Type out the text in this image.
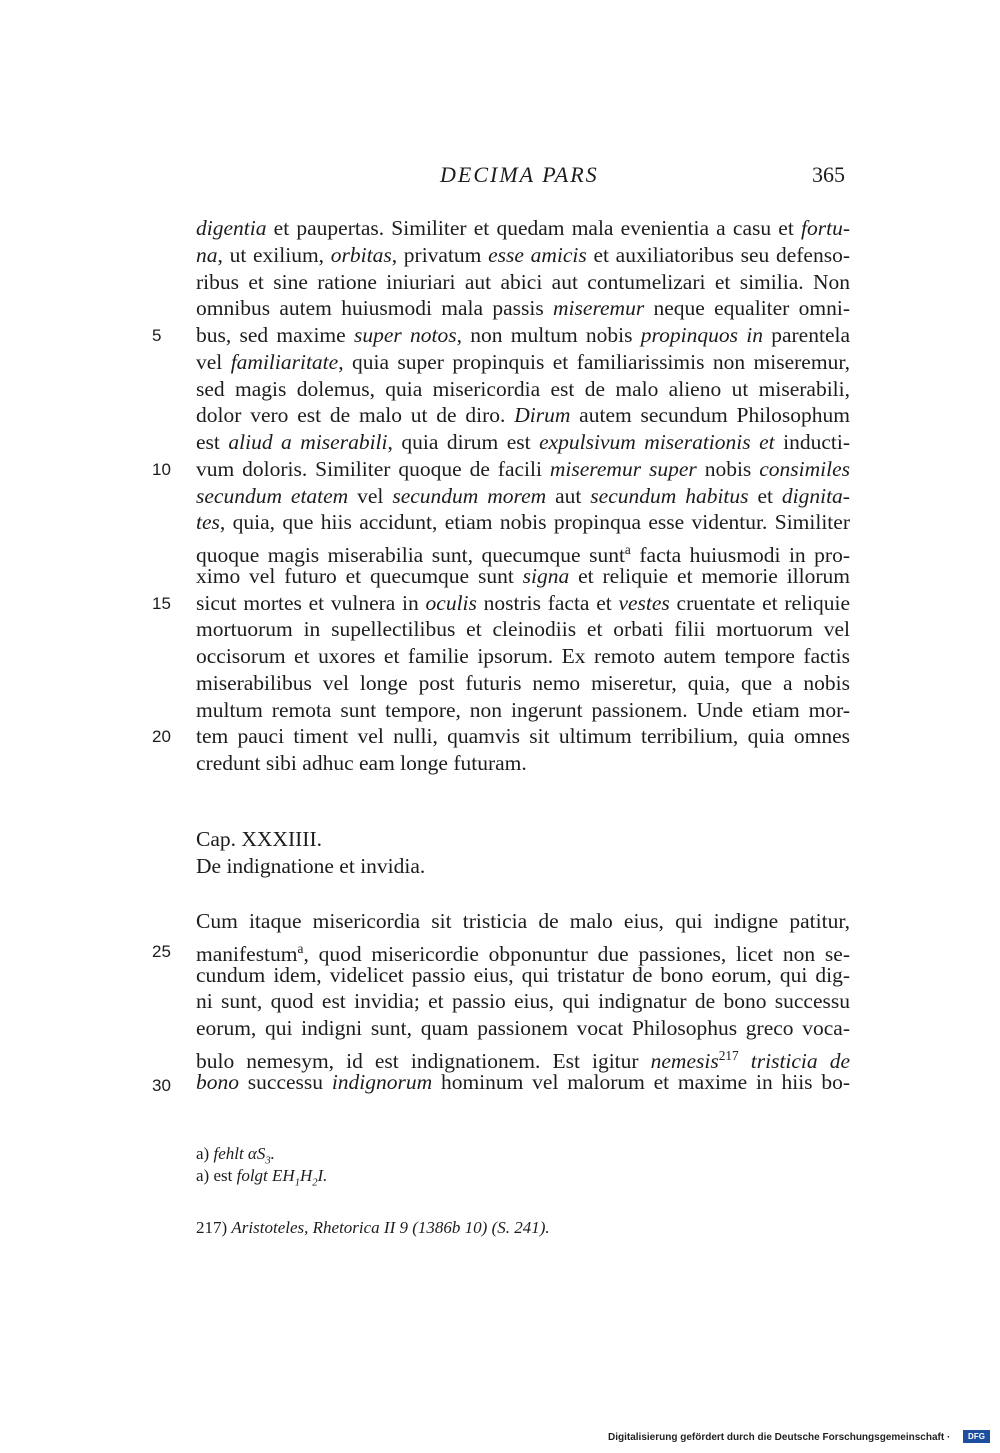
DECIMA PARS	365
5
10
15
20
25
30
Cap. XXXIIII.
De indignatione et invidia.
digentia et paupertas. Similiter et quedam mala evenientia a casu et fortu-
na, ut exilium, orbitas, privatum esse amicis et auxiliatoribus seu defenso-
ribus et sine ratione iniuriari aut abici aut contumelizari et similia. Non
omnibus autem huiusmodi mala passis miseremur neque equaliter omni-
bus, sed maxime super notos, non multum nobis propinquos in parentela
vel familiaritate, quia super propinquis et familiarissimis non miseremur,
sed magis dolemus, quia misericordia est de malo alieno ut miserabili,
dolor vero est de malo ut de diro. Dirum autem secundum Philosophum
est aliud a miserabili, quia dirum est expulsivum miserationis et inducti-
vum doloris. Similiter quoque de facili miseremur super nobis consimiles
secundum etatem vel secundum morem aut secundum habitus et dignita-
tes, quia, que hiis accidunt, etiam nobis propinqua esse videntur. Similiter
quoque magis miserabilia sunt, quecumque sunt$^a$ facta huiusmodi in pro-
ximo vel futuro et quecumque sunt signa et reliquie et memorie illorum
sicut mortes et vulnera in oculis nostris facta et vestes cruentate et reliquie
mortuorum in supellectilibus et cleinodiis et orbati filii mortuorum vel
occisorum et uxores et familie ipsorum. Ex remoto autem tempore factis
miserabilibus vel longe post futuris nemo miseretur, quia, que a nobis
multum remota sunt tempore, non ingerunt passionem. Unde etiam mor-
tem pauci timent vel nulli, quamvis sit ultimum terribilium, quia omnes
credunt sibi adhuc eam longe futuram.
Cum itaque misericordia sit tristicia de malo eius, qui indigne patitur,
manifestum$^a$, quod misericordie obponuntur due passiones, licet non se-
cundum idem, videlicet passio eius, qui tristatur de bono eorum, qui dig-
ni sunt, quod est invidia; et passio eius, qui indignatur de bono successu
eorum, qui indigni sunt, quam passionem vocat Philosophus greco voca-
bulo nemesym, id est indignationem. Est igitur nemesis$^{217}$ tristicia de
bono successu indignorum hominum vel malorum et maxime in hiis bo-
a) fehlt $\alpha S_3$.
a) est folgt $EH_1H_2I$.
217) Aristoteles, Rhetorica II 9 (1386b 10) (S. 241).
Digitalisierung gefördert durch die Deutsche Forschungsgemeinschaft ·	DFG
